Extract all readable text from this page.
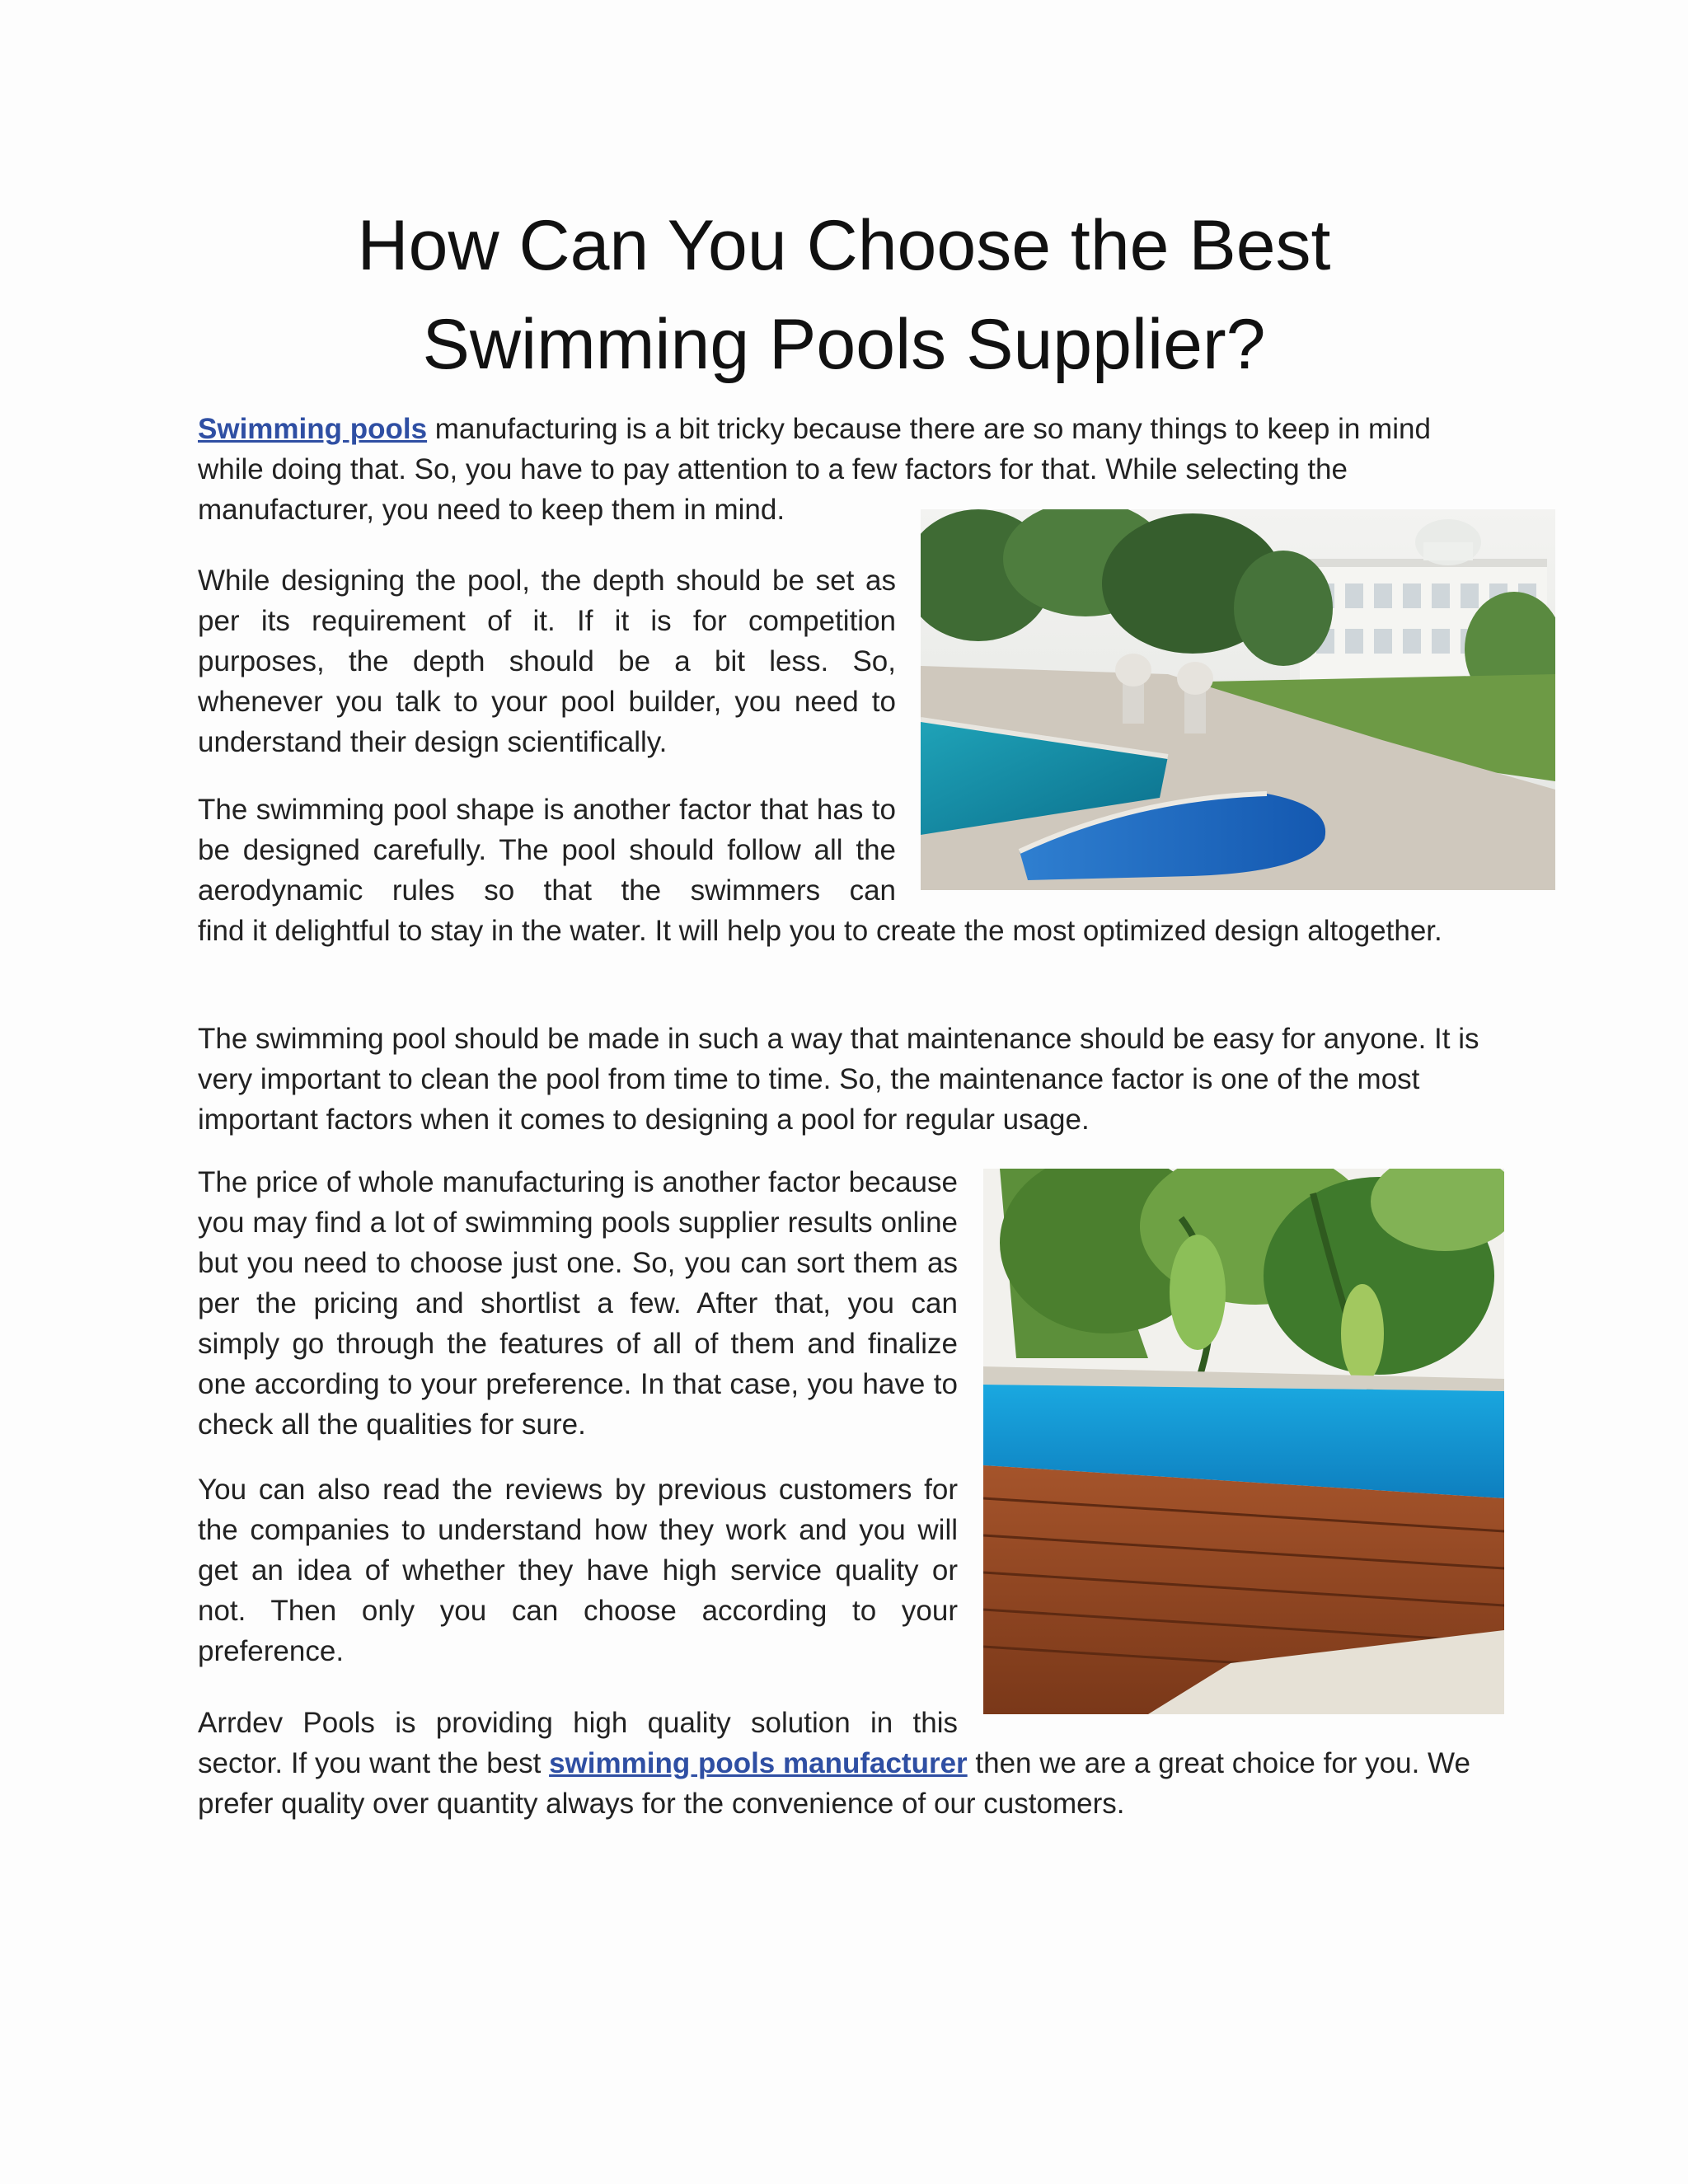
How Can You Choose the Best
Swimming Pools Supplier?

Swimming pools manufacturing is a bit tricky because there are so many things to keep in mind while doing that. So, you have to pay attention to a few factors for that. While selecting the manufacturer, you need to keep them in mind.

While designing the pool, the depth should be set as per its requirement of it. If it is for competition purposes, the depth should be a bit less. So, whenever you talk to your pool builder, you need to understand their design scientifically.

The swimming pool shape is another factor that has to be designed carefully. The pool should follow all the aerodynamic rules so that the swimmers can

find it delightful to stay in the water. It will help you to create the most optimized design altogether.

The swimming pool should be made in such a way that maintenance should be easy for anyone. It is very important to clean the pool from time to time. So, the maintenance factor is one of the most important factors when it comes to designing a pool for regular usage.

The price of whole manufacturing is another factor because you may find a lot of swimming pools supplier results online but you need to choose just one. So, you can sort them as per the pricing and shortlist a few. After that, you can simply go through the features of all of them and finalize one according to your preference. In that case, you have to check all the qualities for sure.

You can also read the reviews by previous customers for the companies to understand how they work and you will get an idea of whether they have high service quality or not. Then only you can choose according to your preference.

Arrdev Pools is providing high quality solution in this

sector. If you want the best swimming pools manufacturer then we are a great choice for you. We prefer quality over quantity always for the convenience of our customers.
